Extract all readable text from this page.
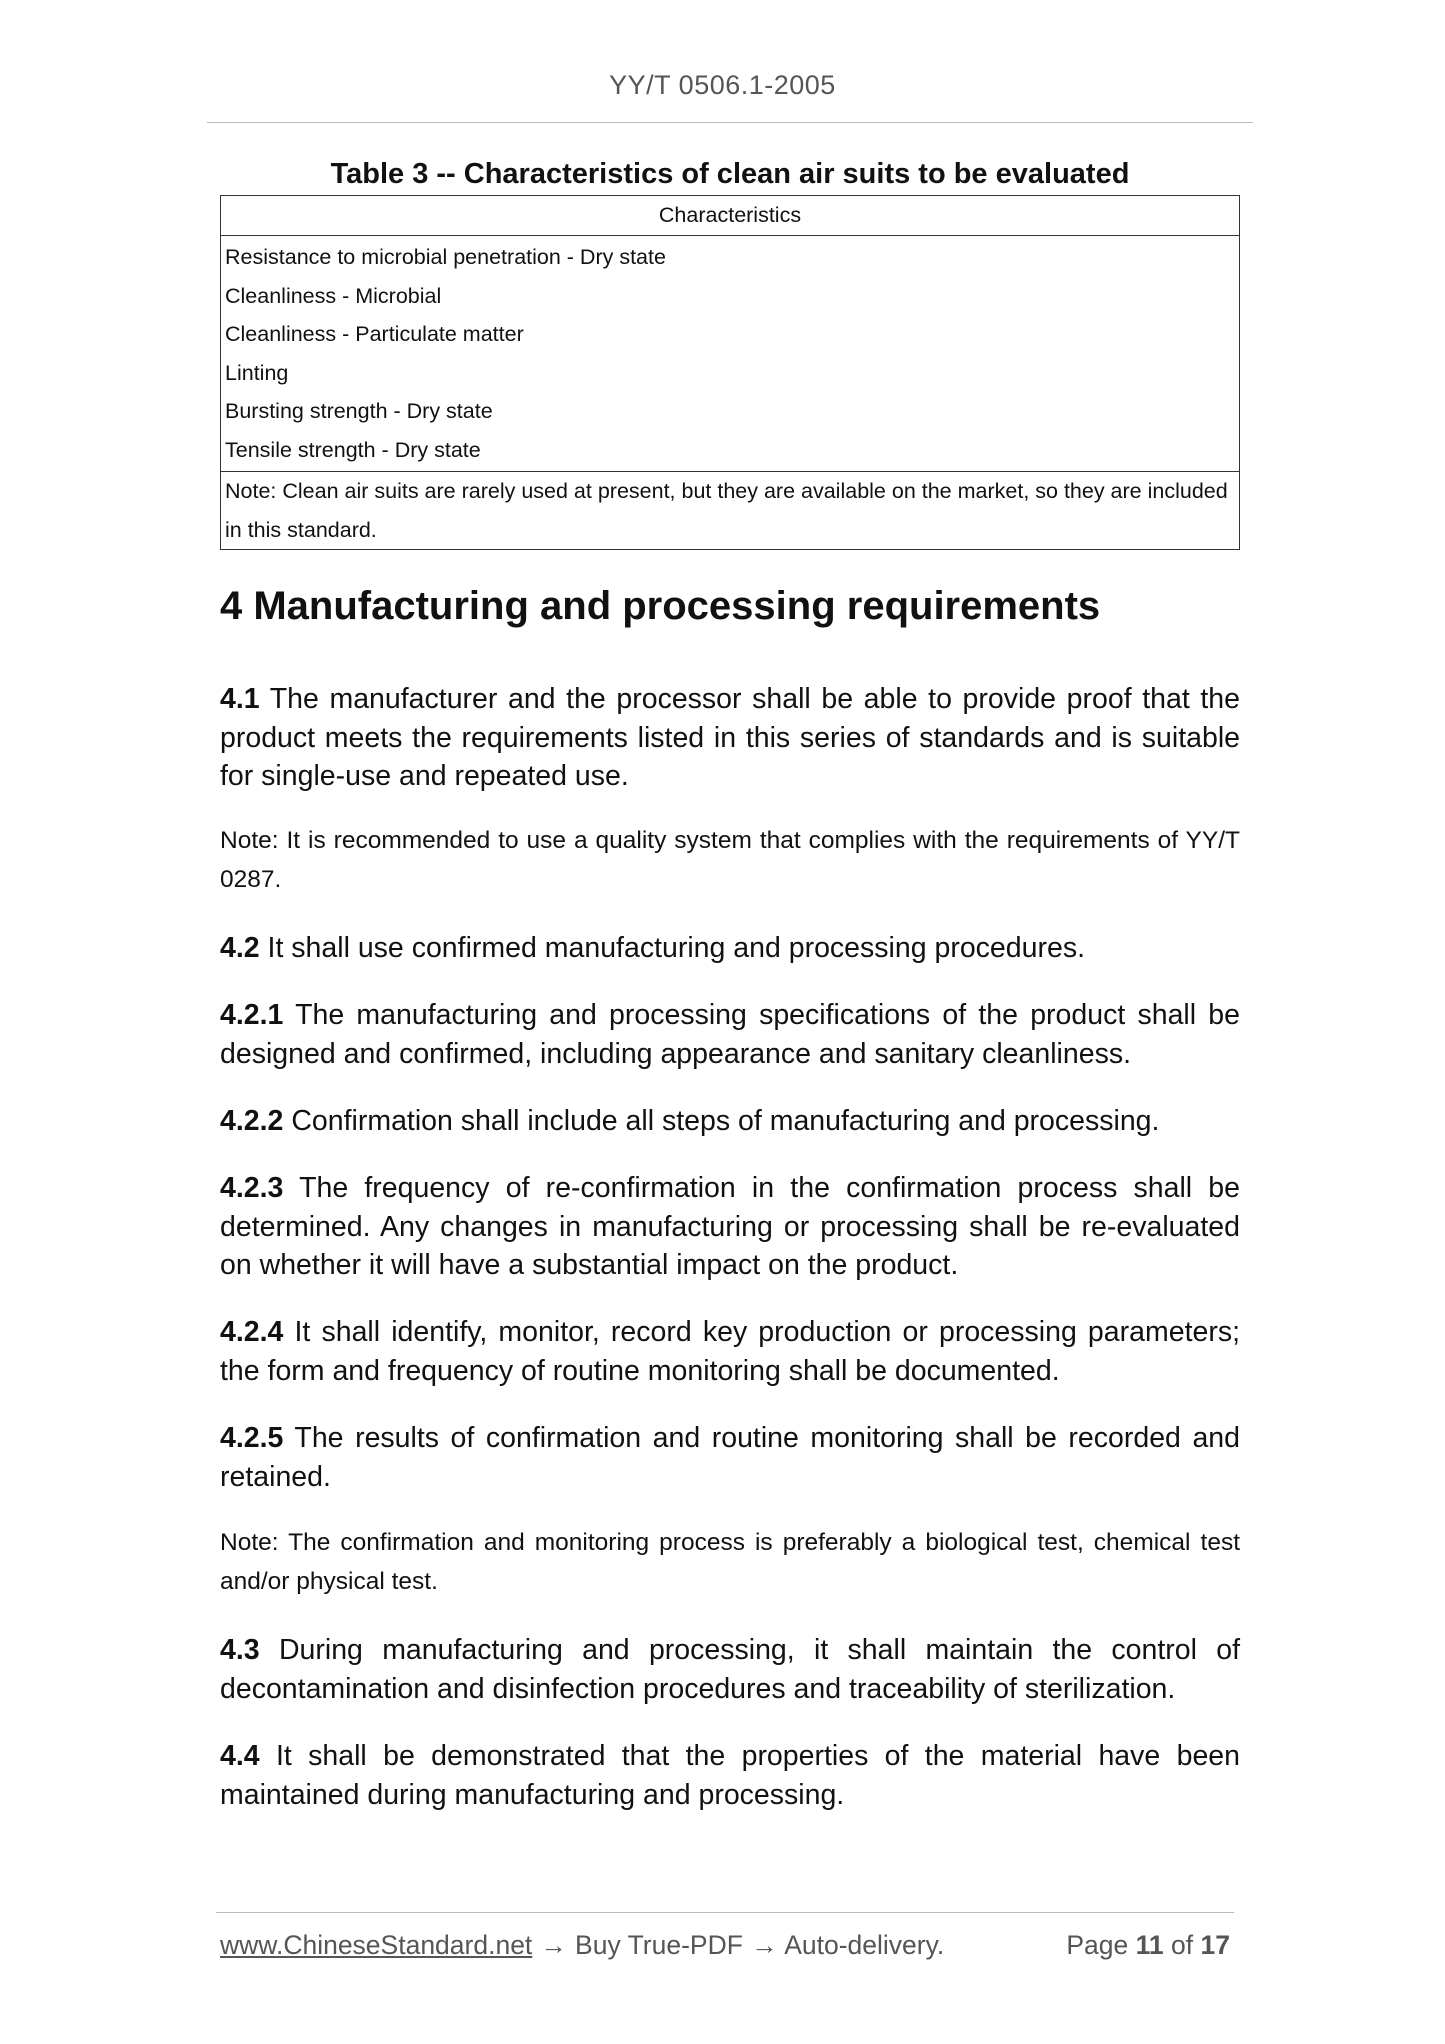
YY/T 0506.1-2005
Table 3 -- Characteristics of clean air suits to be evaluated
Characteristics
Resistance to microbial penetration - Dry state
Cleanliness - Microbial
Cleanliness - Particulate matter
Linting
Bursting strength - Dry state
Tensile strength - Dry state
Note: Clean air suits are rarely used at present, but they are available on the market, so they are included in this standard.
4 Manufacturing and processing requirements
4.1 The manufacturer and the processor shall be able to provide proof that the product meets the requirements listed in this series of standards and is suitable for single-use and repeated use.
Note: It is recommended to use a quality system that complies with the requirements of YY/T 0287.
4.2 It shall use confirmed manufacturing and processing procedures.
4.2.1 The manufacturing and processing specifications of the product shall be designed and confirmed, including appearance and sanitary cleanliness.
4.2.2 Confirmation shall include all steps of manufacturing and processing.
4.2.3 The frequency of re-confirmation in the confirmation process shall be determined. Any changes in manufacturing or processing shall be re-evaluated on whether it will have a substantial impact on the product.
4.2.4 It shall identify, monitor, record key production or processing parameters; the form and frequency of routine monitoring shall be documented.
4.2.5 The results of confirmation and routine monitoring shall be recorded and retained.
Note: The confirmation and monitoring process is preferably a biological test, chemical test and/or physical test.
4.3 During manufacturing and processing, it shall maintain the control of decontamination and disinfection procedures and traceability of sterilization.
4.4 It shall be demonstrated that the properties of the material have been maintained during manufacturing and processing.
www.ChineseStandard.net → Buy True-PDF → Auto-delivery.	Page 11 of 17
